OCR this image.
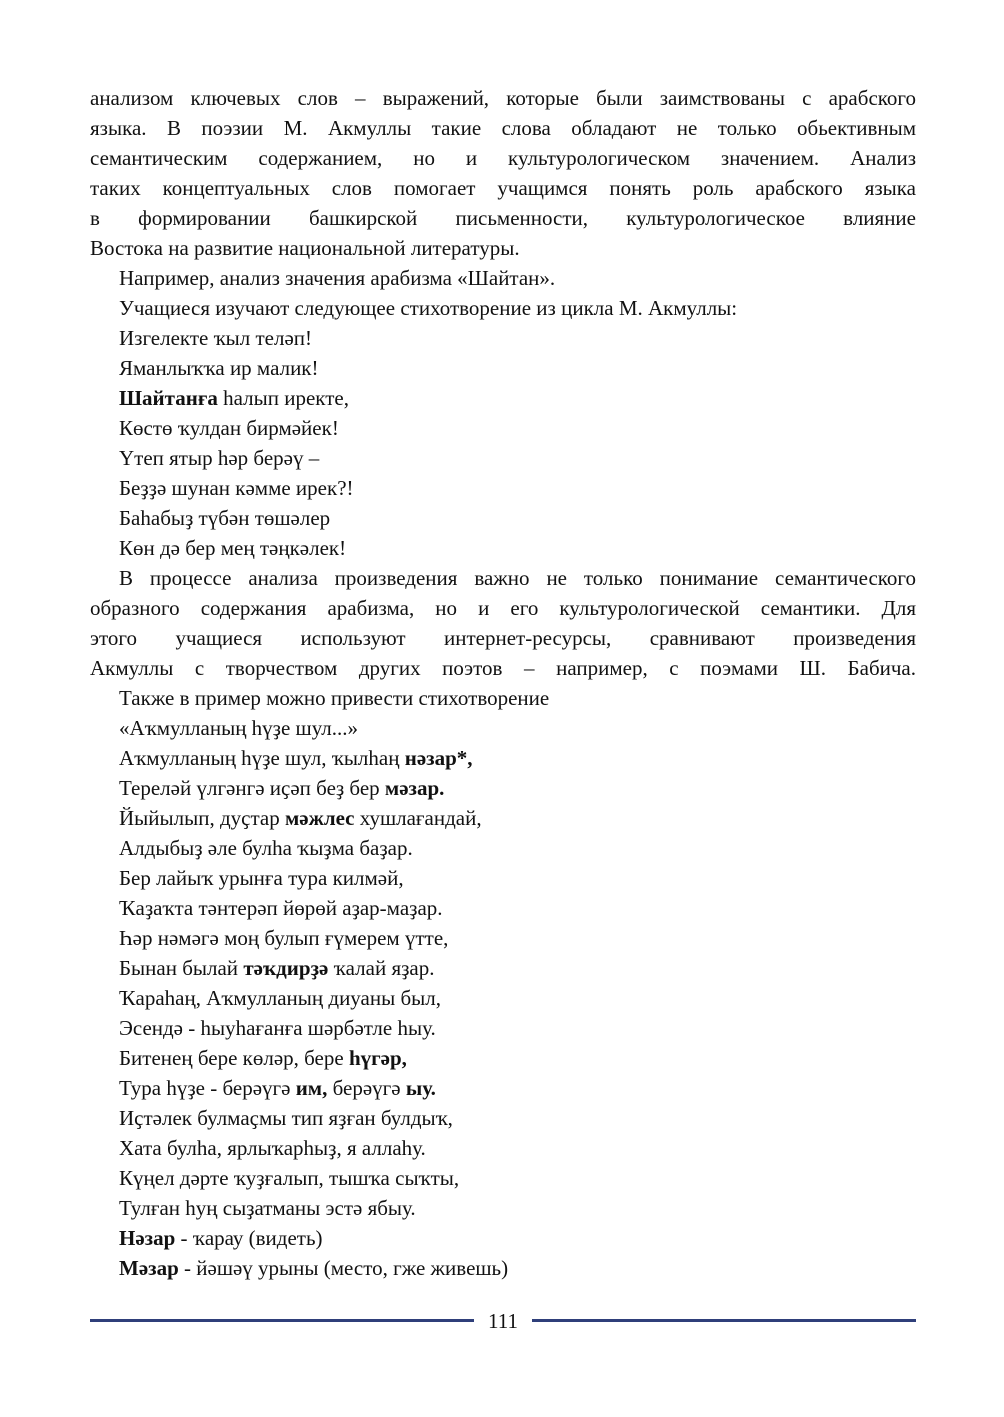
анализом ключевых слов – выражений, которые были заимствованы с арабского
языка. В поэзии М. Акмуллы такие слова обладают не только обьективным
семантическим содержанием, но и культурологическом значением. Анализ
таких концептуальных слов помогает учащимся понять роль арабского языка
в формировании башкирской письменности, культурологическое влияние
Востока на развитие национальной литературы.
Например, анализ значения арабизма «Шайтан».
Учащиеся изучают следующее стихотворение из цикла М. Акмуллы:
Изгелекте ҡыл теләп!
Яманлыҡҡа ир малик!
Шайтанға һалып иректе,
Көстө ҡулдан бирмәйек!
Үтеп ятыр һәр берәү –
Беҙҙә шунан кәмме ирек?!
Баһабыҙ түбән төшәлер
Көн дә бер мең тәңкәлек!
В процессе анализа произведения важно не только понимание семантического
образного содержания арабизма, но и его культурологической семантики. Для
этого учащиеся используют интернет-ресурсы, сравнивают произведения
Акмуллы с творчеством других поэтов – например, с поэмами Ш. Бабича.
Также в пример можно привести стихотворение
«Аҡмулланың һүҙе шул...»
Аҡмулланың һүҙе шул, ҡылһаң нәзар*,
Тереләй үлгәнгә иҫәп беҙ бер мәзар.
Йыйылып, дуҫтар мәжлес хушлағандай,
Алдыбыҙ әле булһа ҡыҙма баҙар.
Бер лайыҡ урынға тура килмәй,
Ҡаҙаҡта тәнтерәп йөрөй аҙар-маҙар.
Һәр нәмәгә моң булып ғүмерем үтте,
Бынан былай тәҡдирҙә ҡалай яҙар.
Ҡараһаң, Аҡмулланың диуаны был,
Эсендә - һыуһағанға шәрбәтле һыу.
Битенең бере көләр, бере һүгәр,
Тура һүҙе - берәүгә им, берәүгә ыу.
Иҫтәлек булмаҫмы тип яҙған булдыҡ,
Хата булһа, ярлыҡарһыҙ, я аллаһу.
Күңел дәрте ҡуҙғалып, тышҡа сыҡты,
Тулған һуң сыҙатманы эстә ябыу.
Нәзар - ҡарау (видеть)
Мәзар - йәшәү урыны (место, гже живешь)
111
